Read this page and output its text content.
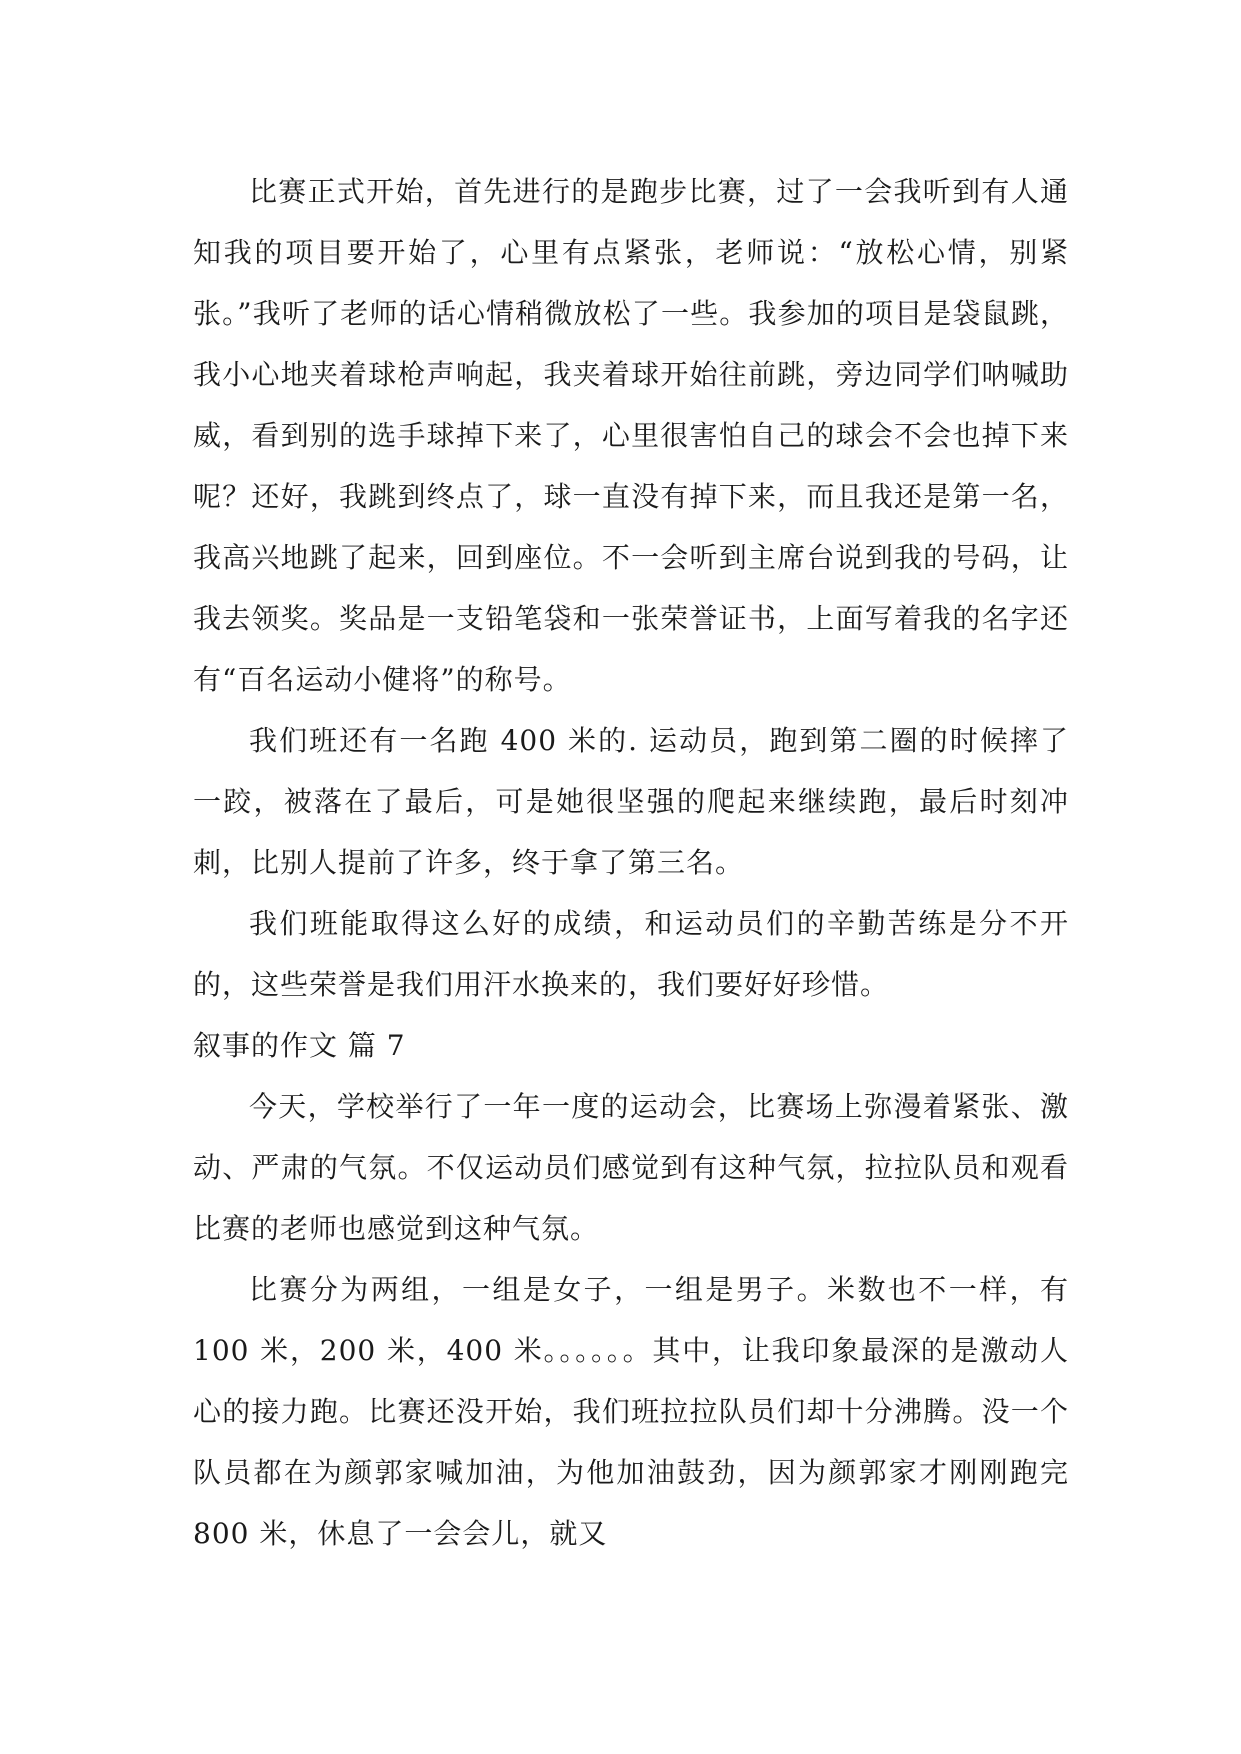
比赛正式开始，首先进行的是跑步比赛，过了一会我听到有人通知我的项目要开始了，心里有点紧张，老师说：“放松心情，别紧张。”我听了老师的话心情稍微放松了一些。我参加的项目是袋鼠跳，我小心地夹着球枪声响起，我夹着球开始往前跳，旁边同学们呐喊助威，看到别的选手球掉下来了，心里很害怕自己的球会不会也掉下来呢？还好，我跳到终点了，球一直没有掉下来，而且我还是第一名，我高兴地跳了起来，回到座位。不一会听到主席台说到我的号码，让我去领奖。奖品是一支铅笔袋和一张荣誉证书，上面写着我的名字还有“百名运动小健将”的称号。

我们班还有一名跑 400 米的. 运动员，跑到第二圈的时候摔了一跤，被落在了最后，可是她很坚强的爬起来继续跑，最后时刻冲刺，比别人提前了许多，终于拿了第三名。

我们班能取得这么好的成绩，和运动员们的辛勤苦练是分不开的，这些荣誉是我们用汗水换来的，我们要好好珍惜。

叙事的作文 篇 7

今天，学校举行了一年一度的运动会，比赛场上弥漫着紧张、激动、严肃的气氛。不仅运动员们感觉到有这种气氛，拉拉队员和观看比赛的老师也感觉到这种气氛。

比赛分为两组，一组是女子，一组是男子。米数也不一样，有 100 米，200 米，400 米。。。。。。其中，让我印象最深的是激动人心的接力跑。比赛还没开始，我们班拉拉队员们却十分沸腾。没一个队员都在为颜郭家喊加油，为他加油鼓劲，因为颜郭家才刚刚跑完 800 米，休息了一会会儿，就又
